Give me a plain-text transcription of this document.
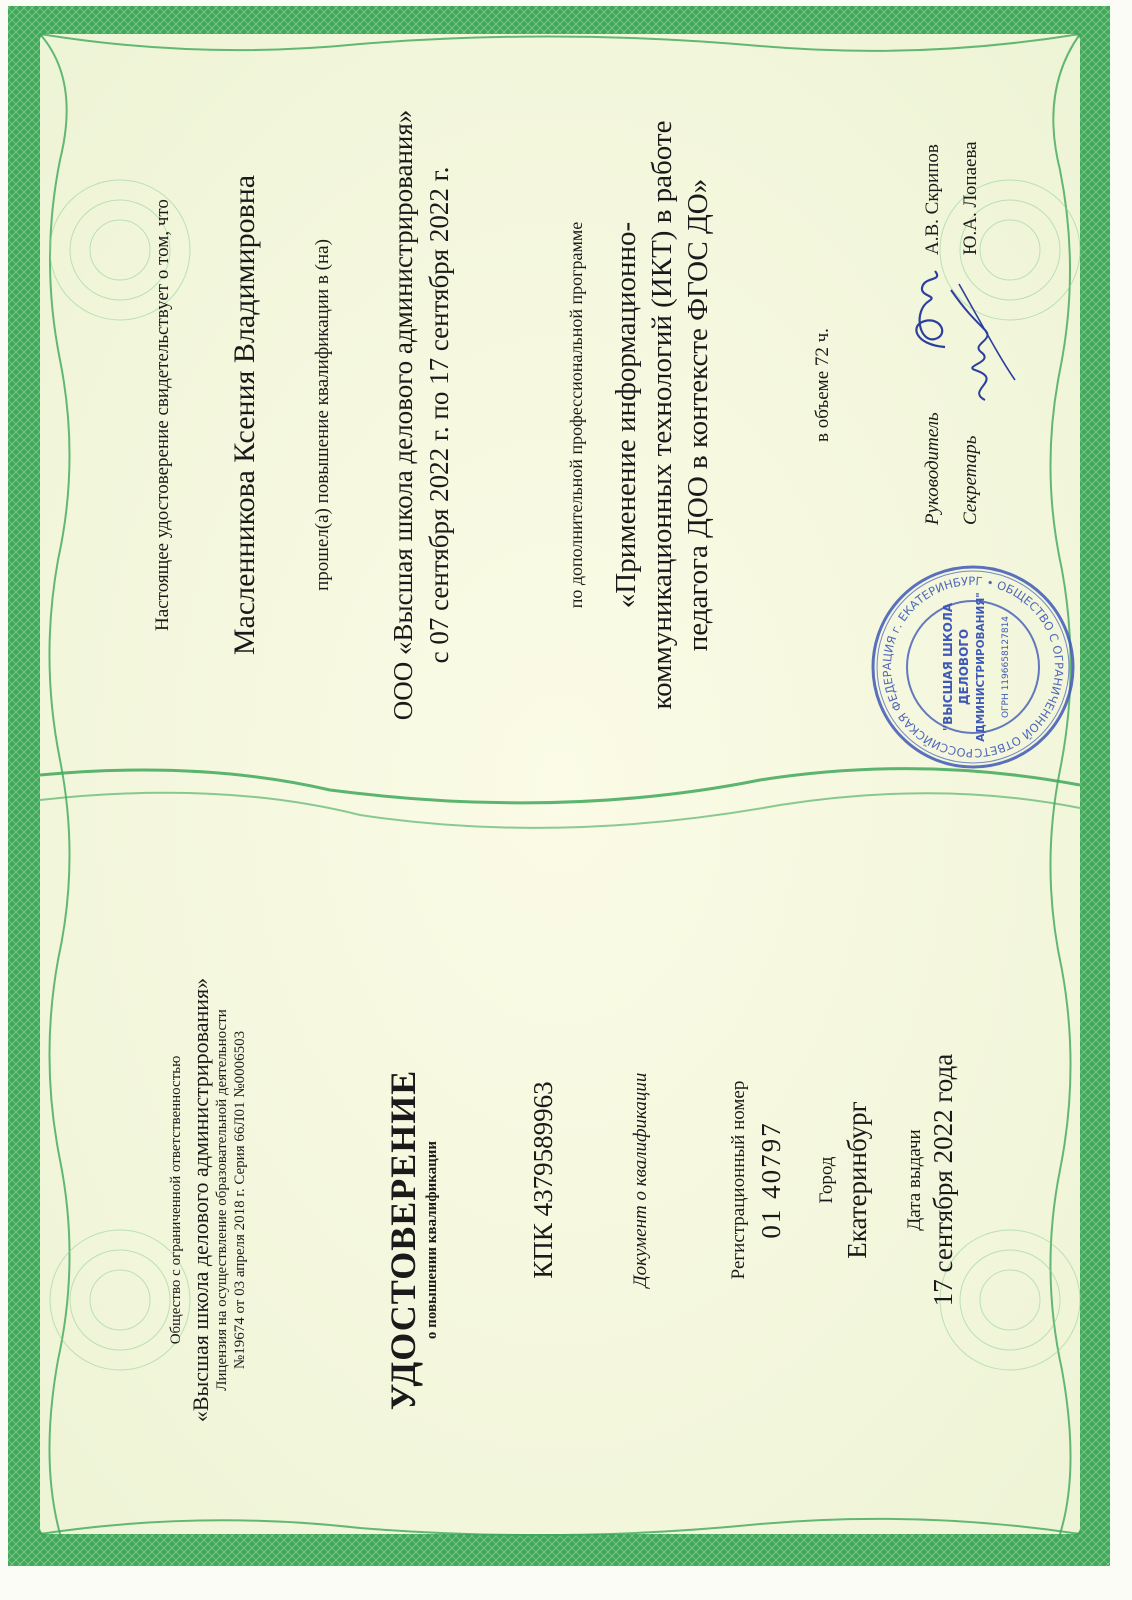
Общество с ограниченной ответственностью «Высшая школа делового администрирования» Лицензия на осуществление образовательной деятельности №19674 от 03 апреля 2018 г. Серия 66Л01 №0006503	УДОСТОВЕРЕНИЕ о повышении квалификации	КПК 4379589963	Документ о квалификации	Регистрационный номер 01 40797 Город Екатеринбург Дата выдачи 17 сентября 2022 года
Настоящее удостоверение свидетельствует о том, что Масленникова Ксения Владимировна	прошел(а) повышение квалификации в (на) ООО «Высшая школа делового администрирования» с 07 сентября 2022 г. по 17 сентября 2022 г.	по дополнительной профессиональной программе «Применение информационно- коммуникационных технологий (ИКТ) в работе педагога ДОО в контексте ФГОС ДО»	в объеме 72 ч.
РОССИЙСКАЯ ФЕДЕРАЦИЯ г. ЕКАТЕРИНБУРГ • ОБЩЕСТВО С ОГРАНИЧЕННОЙ ОТВЕТС
"ВЫСШАЯ ШКОЛА ДЕЛОВОГО АДМИНИСТРИРОВАНИЯ" ОГРН 1196658127814
Руководитель Секретарь
А.В. Скрипов Ю.А. Лопаева
